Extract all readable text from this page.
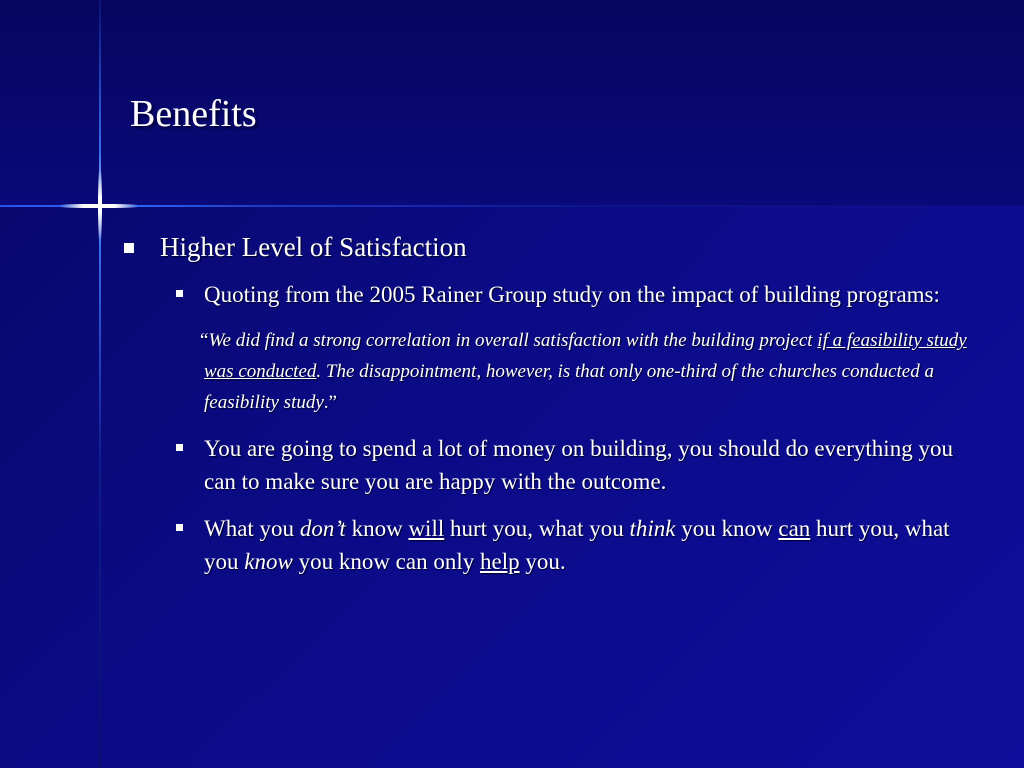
Benefits
Higher Level of Satisfaction
Quoting from the 2005 Rainer Group study on the impact of building programs:
“We did find a strong correlation in overall satisfaction with the building project if a feasibility study was conducted. The disappointment, however, is that only one-third of the churches conducted a feasibility study.”
You are going to spend a lot of money on building, you should do everything you can to make sure you are happy with the outcome.
What you don’t know will hurt you, what you think you know can hurt you, what you know you know can only help you.
